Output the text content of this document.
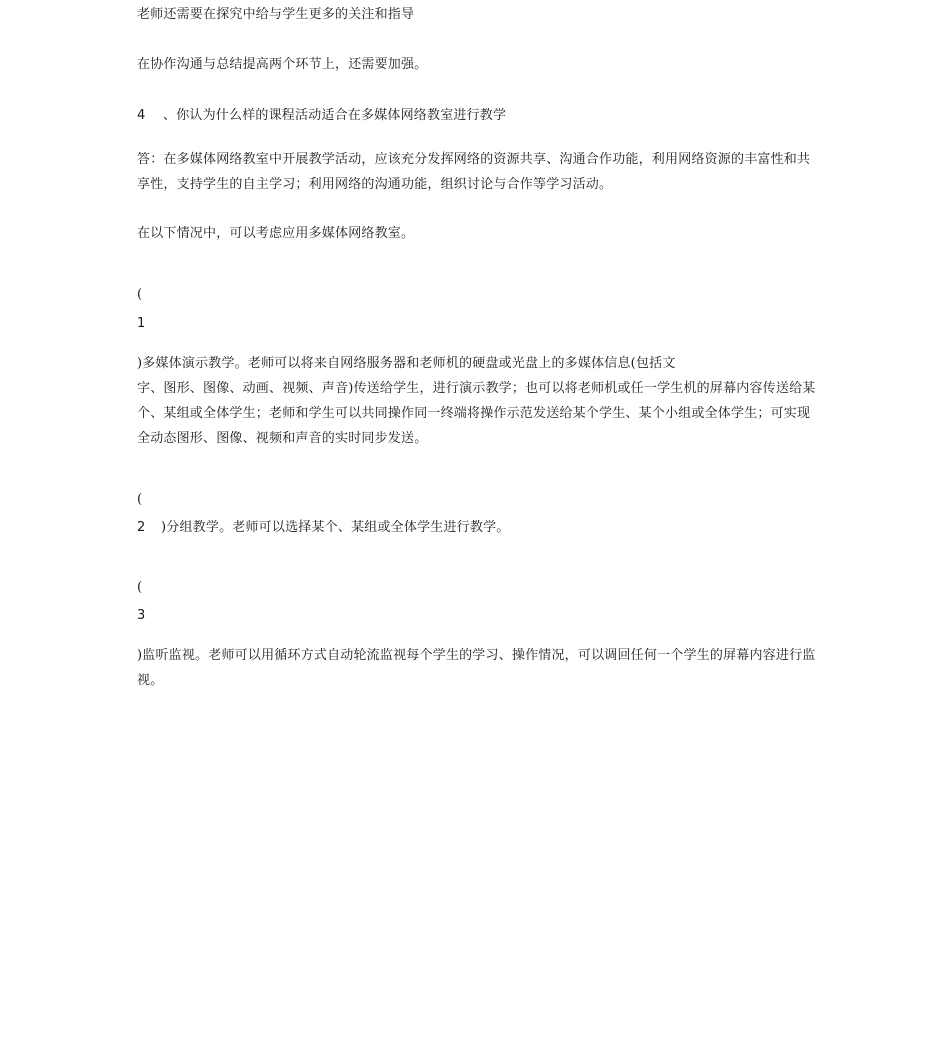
老师还需要在探究中给与学生更多的关注和指导
在协作沟通与总结提高两个环节上，还需要加强。
4 、你认为什么样的课程活动适合在多媒体网络教室进行教学
答：在多媒体网络教室中开展教学活动，应该充分发挥网络的资源共享、沟通合作功能，利用网络资源的丰富性和共享性，支持学生的自主学习；利用网络的沟通功能，组织讨论与合作等学习活动。
在以下情况中，可以考虑应用多媒体网络教室。
(
1
)多媒体演示教学。老师可以将来自网络服务器和老师机的硬盘或光盘上的多媒体信息(包括文
字、图形、图像、动画、视频、声音)传送给学生，进行演示教学；也可以将老师机或任一学生机的屏幕内容传送给某个、某组或全体学生；老师和学生可以共同操作同一终端将操作示范发送给某个学生、某个小组或全体学生；可实现全动态图形、图像、视频和声音的实时同步发送。
(
2 )分组教学。老师可以选择某个、某组或全体学生进行教学。
(
3
)监听监视。老师可以用循环方式自动轮流监视每个学生的学习、操作情况，可以调回任何一个学生的屏幕内容进行监视。
